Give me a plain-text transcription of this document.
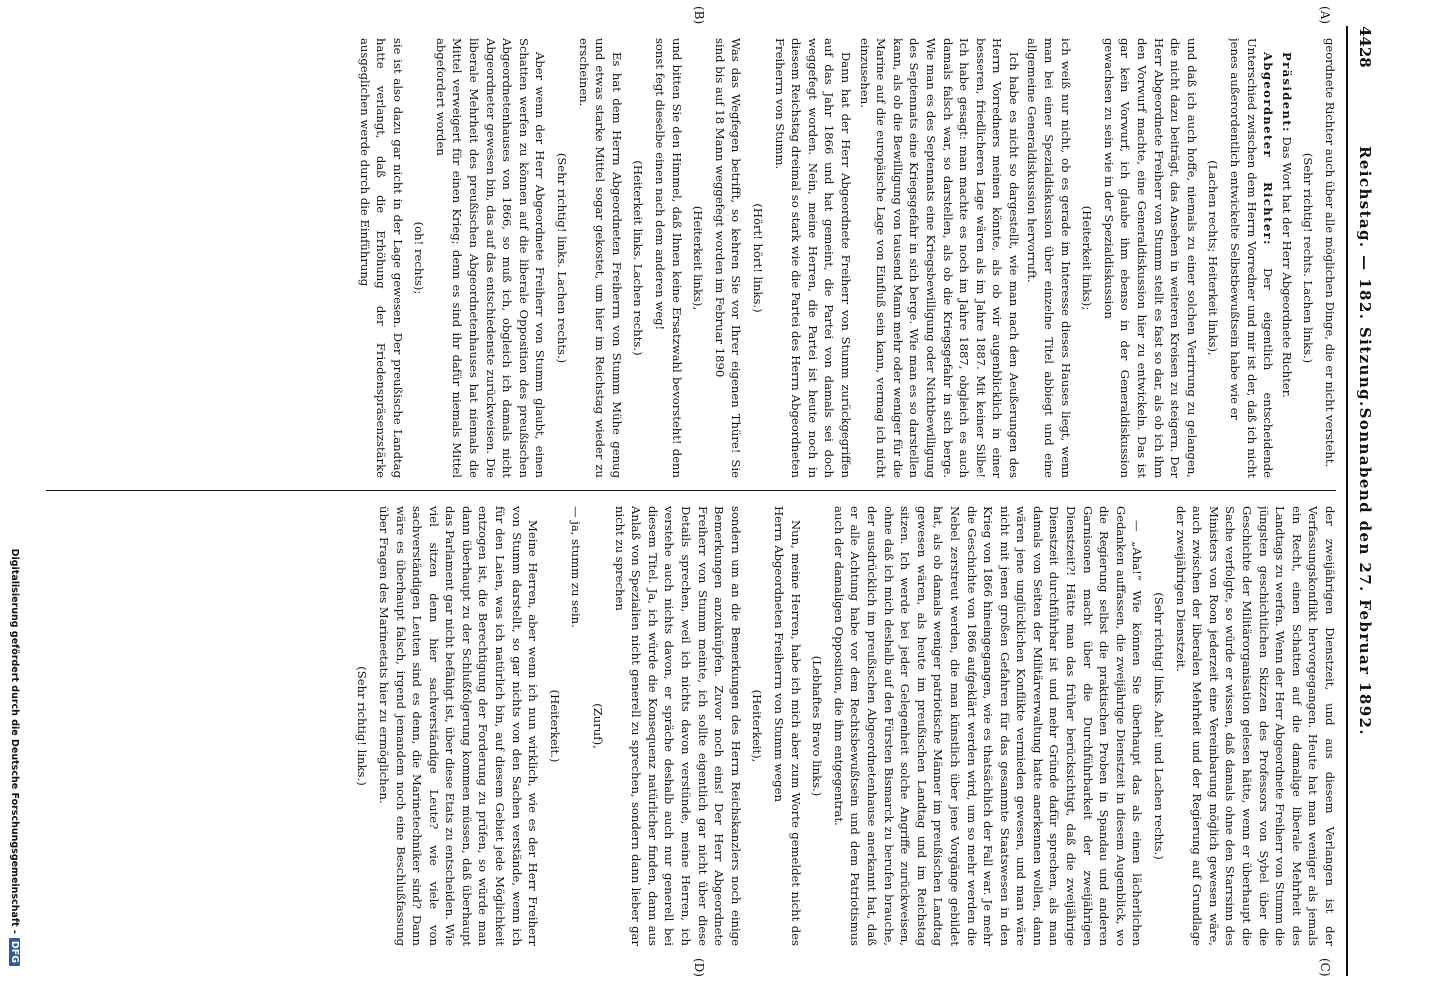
4428
Reichstag. — 182. Sitzung.
Sonnabend den 27. Februar 1892.
(A)
(B)
(C)
(D)

geordnete Richter auch über alle möglichen Dinge, die er nicht versteht.

(Sehr richtig! rechts. Lachen links.)

Präsident: Das Wort hat der Herr Abgeordnete Richter.

Abgeordneter Richter: Der eigentlich entscheidende Unterschied zwischen dem Herrn Vorredner und mir ist der, daß ich nicht jenes außerordentlich entwickelte Selbstbewußtsein habe wie er

(Lachen rechts; Heiterkeit links),

und daß ich auch hoffe, niemals zu einer solchen Verirrung zu gelangen, die nicht dazu beiträgt, das Ansehen in weiteren Kreisen zu steigern. Der Herr Abgeordnete Freiherr von Stumm stellt es fast so dar, als ob ich ihm den Vorwurf machte, eine Generaldiskussion hier zu entwickeln. Das ist gar kein Vorwurf, ich glaube ihm ebenso in der Generaldiskussion gewachsen zu sein wie in der Spezialdiskussion

(Heiterkeit links);

ich weiß nur nicht, ob es gerade im Interesse dieses Hauses liegt, wenn man bei einer Spezialdiskussion über einzelne Titel abbiegt und eine allgemeine Generaldiskussion hervorruft.

Ich habe es nicht so dargestellt, wie man nach den Aeußerungen des Herrn Vorredners meinen könnte, als ob wir augenblicklich in einer besseren, friedlicheren Lage wären als im Jahre 1887. Mit keiner Silbe! Ich habe gesagt: man machte es noch im Jahre 1887, obgleich es auch damals falsch war, so darstellen, als ob die Kriegsgefahr in sich berge. Wie man es des Septennats eine Kriegsbewilligung oder Nichtbewilligung des Septennats eine Kriegsgefahr in sich berge. Wie man es so darstellen kann, als ob die Bewilligung von tausend Mann mehr oder weniger für die Marine auf die europäische Lage von Einfluß sein kann, vermag ich nicht einzusehen.

Dann hat der Herr Abgeordnete Freiherr von Stumm zurückgegriffen auf das Jahr 1866 und hat gemeint, die Partei von damals sei doch weggefegt worden. Nein, meine Herren, die Partei ist heute noch in diesem Reichstag dreimal so stark wie die Partei des Herrn Abgeordneten Freiherrn von Stumm.

(Hört! hört! links.)

Was das Wegfegen betrifft, so kehren Sie vor Ihrer eigenen Thüre! Sie sind bis auf 18 Mann weggefegt worden im Februar 1890

(Heiterkeit links),

und bitten Sie den Himmel, daß Ihnen keine Ersatzwahl bevorsteht! denn sonst fegt dieselbe einen nach dem anderen weg!

(Heiterkeit links. Lachen rechts.)

Es hat dem Herrn Abgeordneten Freiherrn von Stumm Mühe genug und etwas starke Mittel sogar gekostet, um hier im Reichstag wieder zu erscheinen.

(Sehr richtig! links. Lachen rechts.)

Aber wenn der Herr Abgeordnete Freiherr von Stumm glaubt, einen Schatten werfen zu können auf die liberale Opposition des preußischen Abgeordnetenhauses von 1866, so muß ich, obgleich ich damals nicht Abgeordneter gewesen bin, das auf das entschiedenste zurückweisen. Die liberale Mehrheit des preußischen Abgeordnetenhauses hat niemals die Mittel verweigert für einen Krieg; denn es sind ihr dafür niemals Mittel abgefordert worden

(oh! rechts);

sie ist also dazu gar nicht in der Lage gewesen. Der preußische Landtag hatte verlangt, daß die Erhöhung der Friedenspräsenzstärke ausgeglichen werde durch die Einführung

der zweijährigen Dienstzeit, und aus diesem Verlangen ist der Verfassungskonflikt hervorgegangen. Heute hat man weniger als jemals ein Recht, einen Schatten auf die damalige liberale Mehrheit des Landtags zu werfen. Wenn der Herr Abgeordnete Freiherr von Stumm die jüngsten geschichtlichen Skizzen des Professors von Sybel über die Geschichte der Militärorganisation gelesen hätte, wenn er überhaupt die Sache verfolgte, so würde er wissen, daß damals ohne den Starrsinn des Ministers von Roon jederzeit eine Vereinbarung möglich gewesen wäre, auch zwischen der liberalen Mehrheit und der Regierung auf Grundlage der zweijährigen Dienstzeit.

(Sehr richtig! links. Aha! und Lachen rechts.)

— „Aha!“ Wie können Sie überhaupt das als einen lächerlichen Gedanken auffassen, die zweijährige Dienstzeit in diesem Augenblick, wo die Regierung selbst die praktischen Proben in Spandau und anderen Garnisonen macht über die Durchführbarkeit der zweijährigen Dienstzeit?! Hätte man das früher berücksichtigt, daß die zweijährige Dienstzeit durchführbar ist und mehr Gründe dafür sprechen, als man damals von Seiten der Militärverwaltung hatte anerkennen wollen, dann wären jene unglücklichen Konflikte vermieden gewesen, und man wäre nicht mit jenen großen Gefahren für das gesammte Staatswesen in den Krieg von 1866 hineingegangen, wie es thatsächlich der Fall war. Je mehr die Geschichte von 1866 aufgeklärt werden wird, um so mehr werden die Nebel zerstreut werden, die man künstlich über jene Vorgänge gebildet hat, als ob damals weniger patriotische Männer im preußischen Landtag gewesen wären, als heute im preußischen Landtag und im Reichstag sitzen. Ich werde bei jeder Gelegenheit solche Angriffe zurückweisen, ohne daß ich mich deshalb auf den Fürsten Bismarck zu berufen brauche, der ausdrücklich im preußischen Abgeordnetenhause anerkannt hat, daß er alle Achtung habe vor dem Rechtsbewußtsein und dem Patriotismus auch der damaligen Opposition, die ihm entgegentrat.

(Lebhaftes Bravo links.)

Nun, meine Herren, habe ich mich aber zum Worte gemeldet nicht des Herrn Abgeordneten Freiherrn von Stumm wegen

(Heiterkeit),

sondern um an die Bemerkungen des Herrn Reichskanzlers noch einige Bemerkungen anzuknüpfen. Zuvor noch eins! Der Herr Abgeordnete Freiherr von Stumm meinte, ich sollte eigentlich gar nicht über diese Details sprechen, weil ich nichts davon verstünde, meine Herren, ich verstehe auch nichts davon, er spräche deshalb auch nur generell bei diesem Titel. Ja, ich würde die Konsequenz natürlicher finden, dann aus Anlaß von Spezialien nicht generell zu sprechen, sondern dann lieber gar nicht zu sprechen

(Zuruf),

— ja, stumm zu sein.

(Heiterkeit.)

Meine Herren, aber wenn ich nun wirklich, wie es der Herr Freiherr von Stumm darstellt, so gar nichts von den Sachen verstände, wenn ich für den Laien, was ich natürlich bin, auf diesem Gebiet jede Möglichkeit entzogen ist, die Berechtigung der Forderung zu prüfen, so würde man dann überhaupt zu der Schlußfolgerung kommen müssen, daß überhaupt das Parlament gar nicht befähigt ist, über diese Etats zu entscheiden. Wie viel sitzen denn hier sachverständige Leute? wie viele von sachverständigen Leuten sind es denn, die Marinetechniker sind? Dann wäre es überhaupt falsch, irgend jemandem noch eine Beschlußfassung über Fragen des Marineetats hier zu ermöglichen.

(Sehr richtig! links.)

Digitalisierung gefördert durch die Deutsche Forschungsgemeinschaft -DFG
